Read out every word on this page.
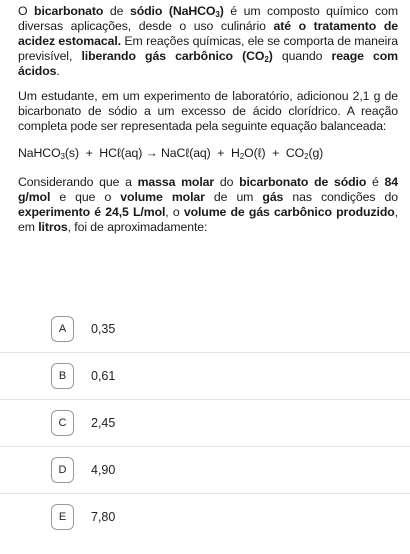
O bicarbonato de sódio (NaHCO$_3$) é um composto químico com diversas aplicações, desde o uso culinário até o tratamento de acidez estomacal. Em reações químicas, ele se comporta de maneira previsível, liberando gás carbônico $(CO_2)$ quando reage com ácidos.

Um estudante, em um experimento de laboratório, adicionou 2,1 g de bicarbonato de sódio a um excesso de ácido clorídrico. A reação completa pode ser representada pela seguinte equação balanceada:

NaHCO$_3$(s)  +  HCℓ(aq) → NaCℓ(aq)  +  $H_2O(\ell) + CO_2(g)$

Considerando que a massa molar do bicarbonato de sódio é 84 g/mol e que o volume molar de um gás nas condições do experimento é 24,5 L/mol, o volume de gás carbônico produzido, em litros, foi de aproximadamente:

A	0,35
B	0,61
C	2,45
D	4,90
E	7,80
